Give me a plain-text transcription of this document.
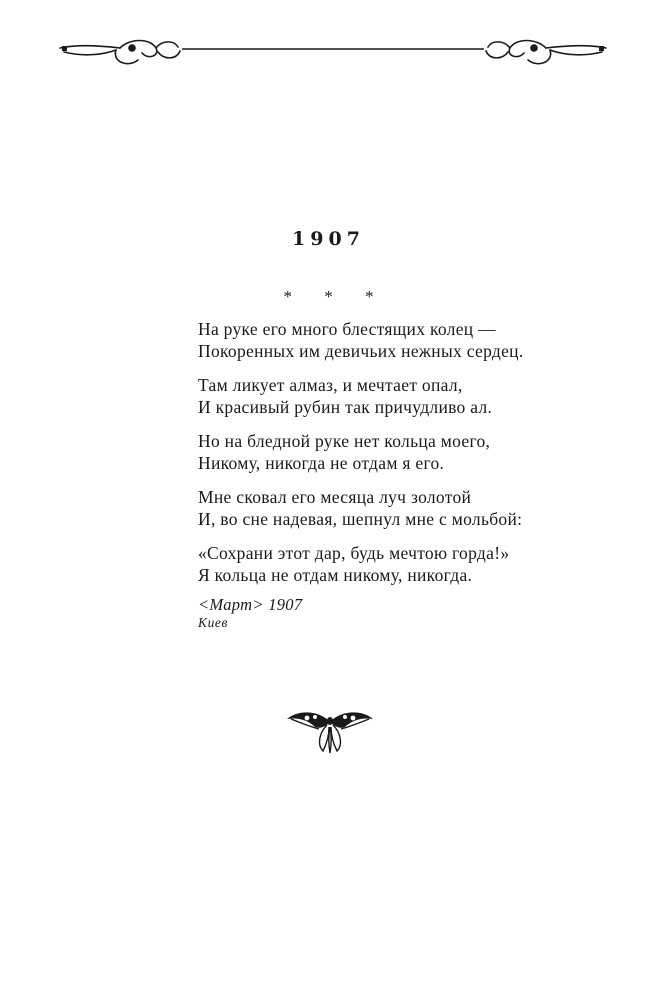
1907
* * *
На руке его много блестящих колец —
Покоренных им девичьих нежных сердец.
Там ликует алмаз, и мечтает опал,
И красивый рубин так причудливо ал.
Но на бледной руке нет кольца моего,
Никому, никогда не отдам я его.
Мне сковал его месяца луч золотой
И, во сне надевая, шепнул мне с мольбой:
«Сохрани этот дар, будь мечтою горда!»
Я кольца не отдам никому, никогда.
<Март> 1907
Киев
